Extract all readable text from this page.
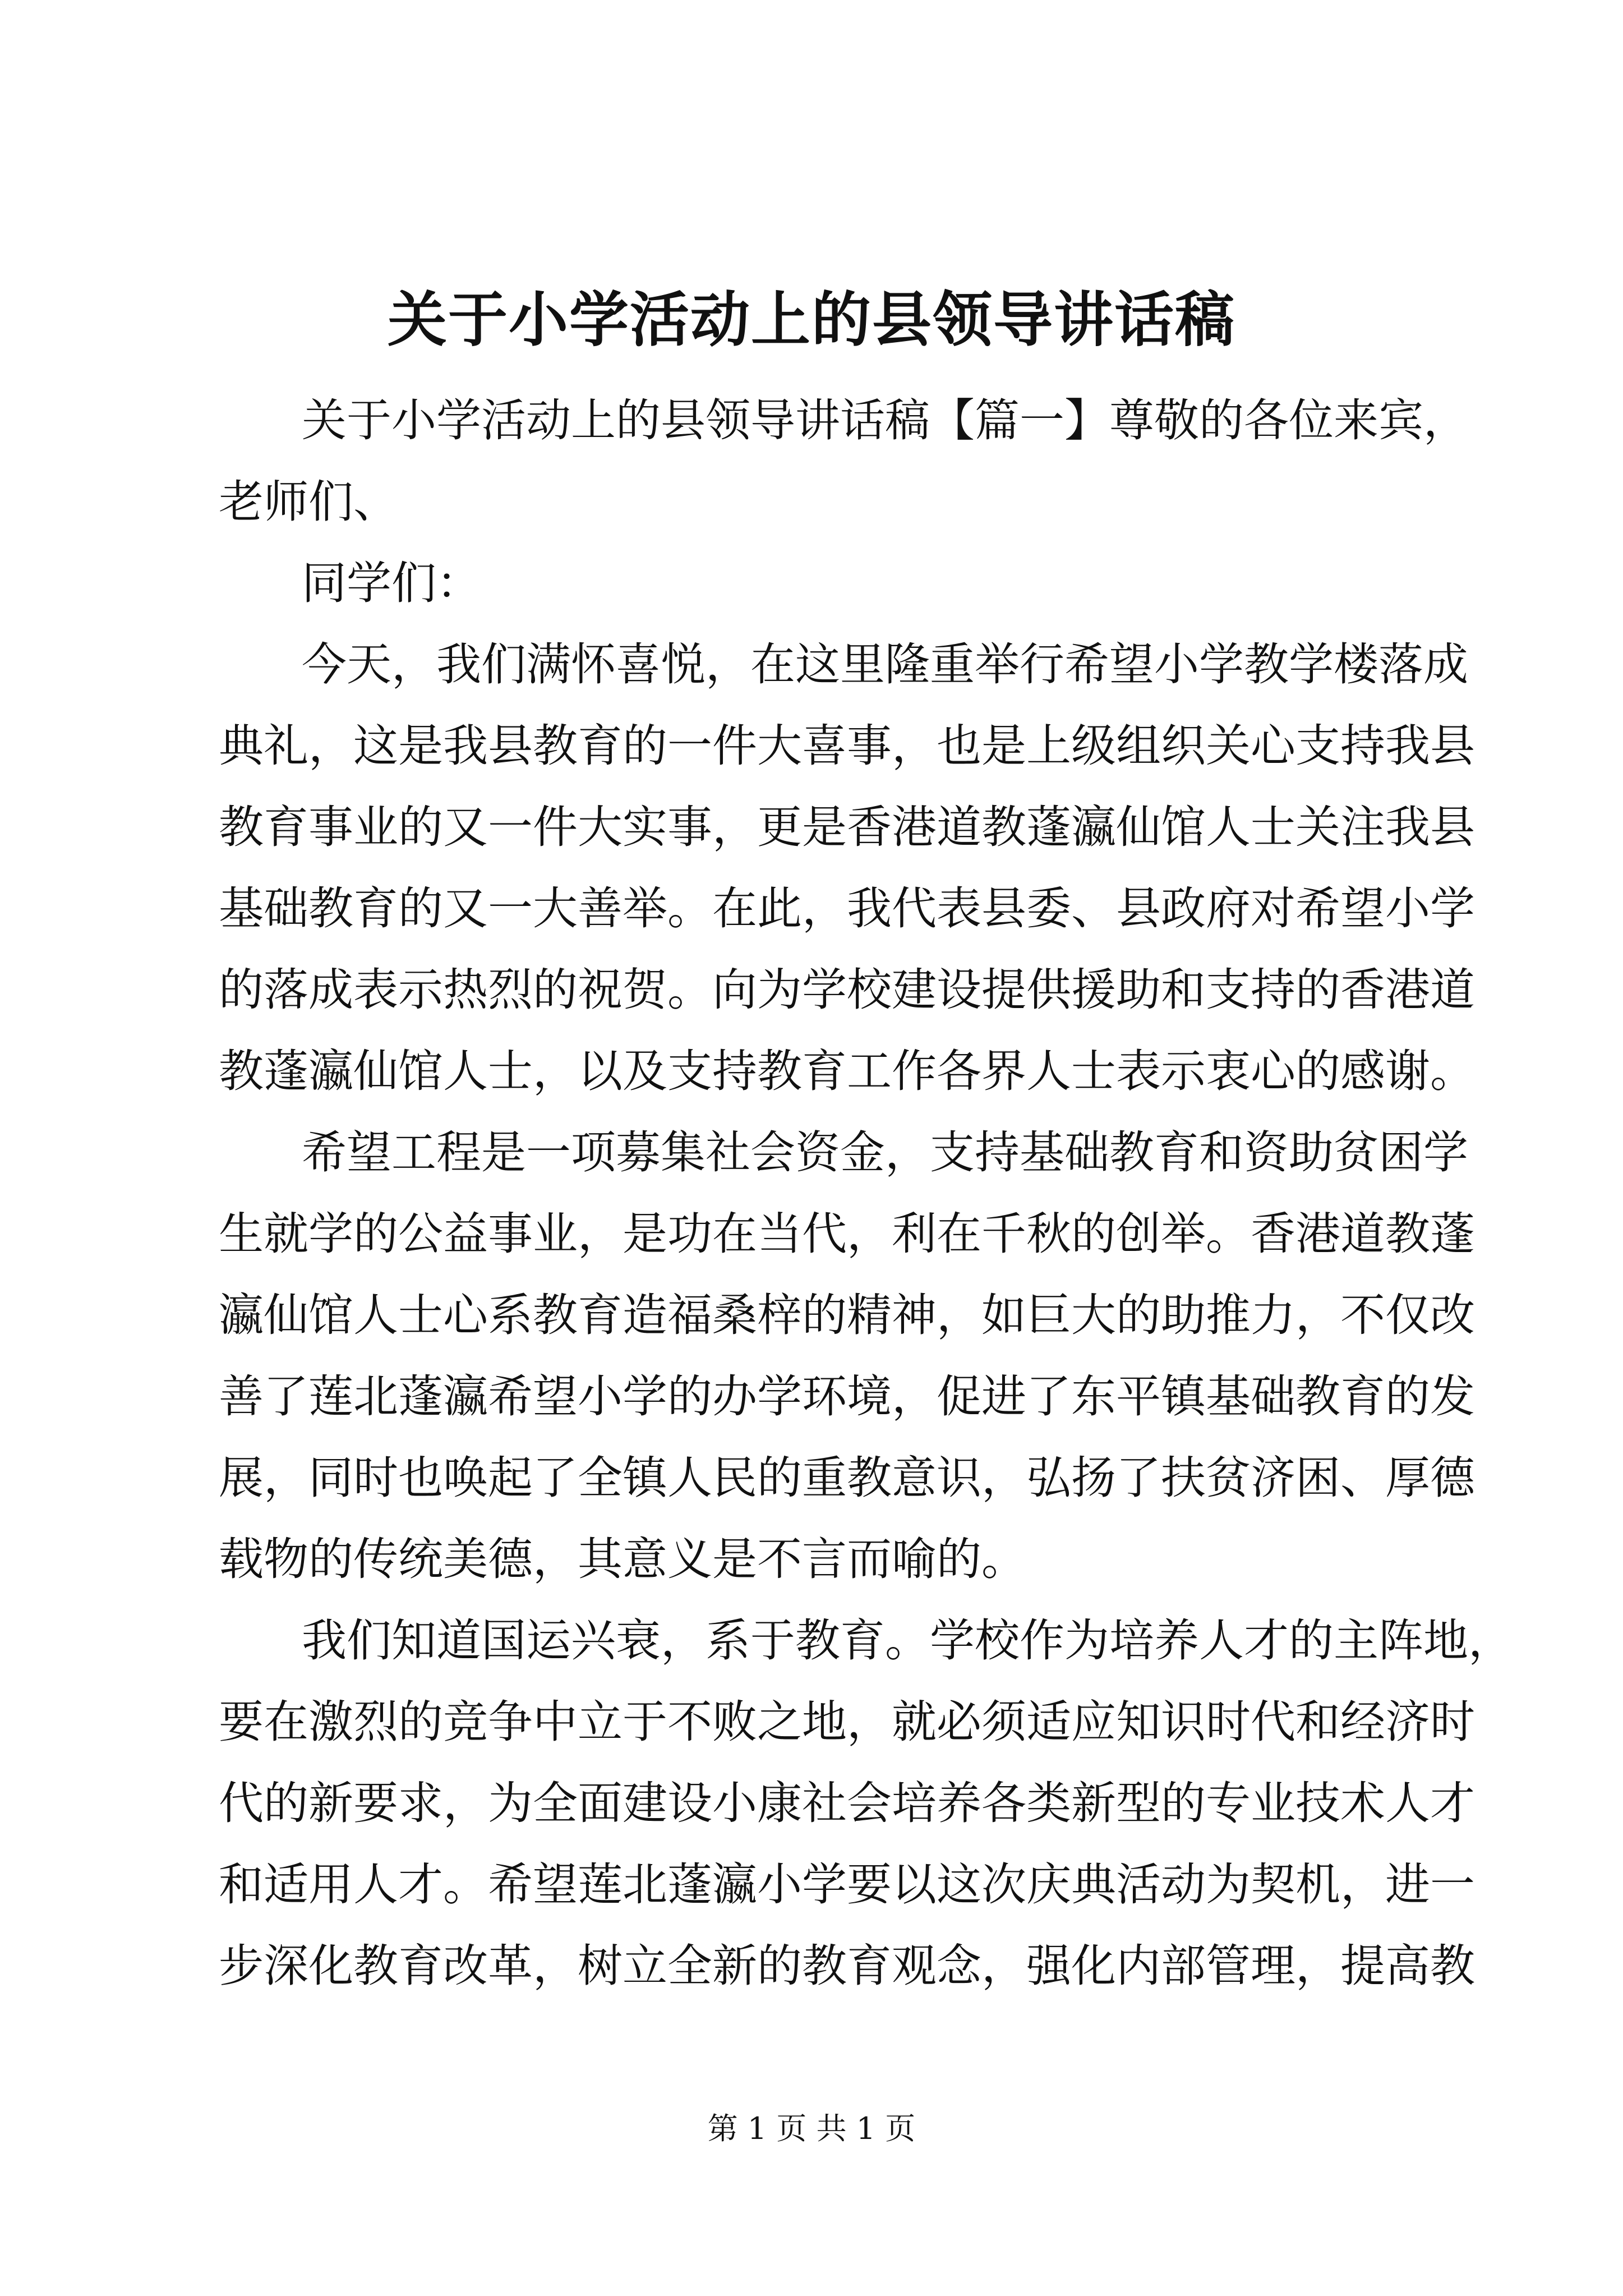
关于小学活动上的县领导讲话稿
关于小学活动上的县领导讲话稿【篇一】尊敬的各位来宾，
老师们、
同学们：
今天，我们满怀喜悦，在这里隆重举行希望小学教学楼落成
典礼，这是我县教育的一件大喜事，也是上级组织关心支持我县
教育事业的又一件大实事，更是香港道教蓬瀛仙馆人士关注我县
基础教育的又一大善举。在此，我代表县委、县政府对希望小学
的落成表示热烈的祝贺。向为学校建设提供援助和支持的香港道
教蓬瀛仙馆人士，以及支持教育工作各界人士表示衷心的感谢。
希望工程是一项募集社会资金，支持基础教育和资助贫困学
生就学的公益事业，是功在当代，利在千秋的创举。香港道教蓬
瀛仙馆人士心系教育造福桑梓的精神，如巨大的助推力，不仅改
善了莲北蓬瀛希望小学的办学环境，促进了东平镇基础教育的发
展，同时也唤起了全镇人民的重教意识，弘扬了扶贫济困、厚德
载物的传统美德，其意义是不言而喻的。
我们知道国运兴衰，系于教育。学校作为培养人才的主阵地，
要在激烈的竞争中立于不败之地，就必须适应知识时代和经济时
代的新要求，为全面建设小康社会培养各类新型的专业技术人才
和适用人才。希望莲北蓬瀛小学要以这次庆典活动为契机，进一
步深化教育改革，树立全新的教育观念，强化内部管理，提高教
第 1 页 共 1 页
